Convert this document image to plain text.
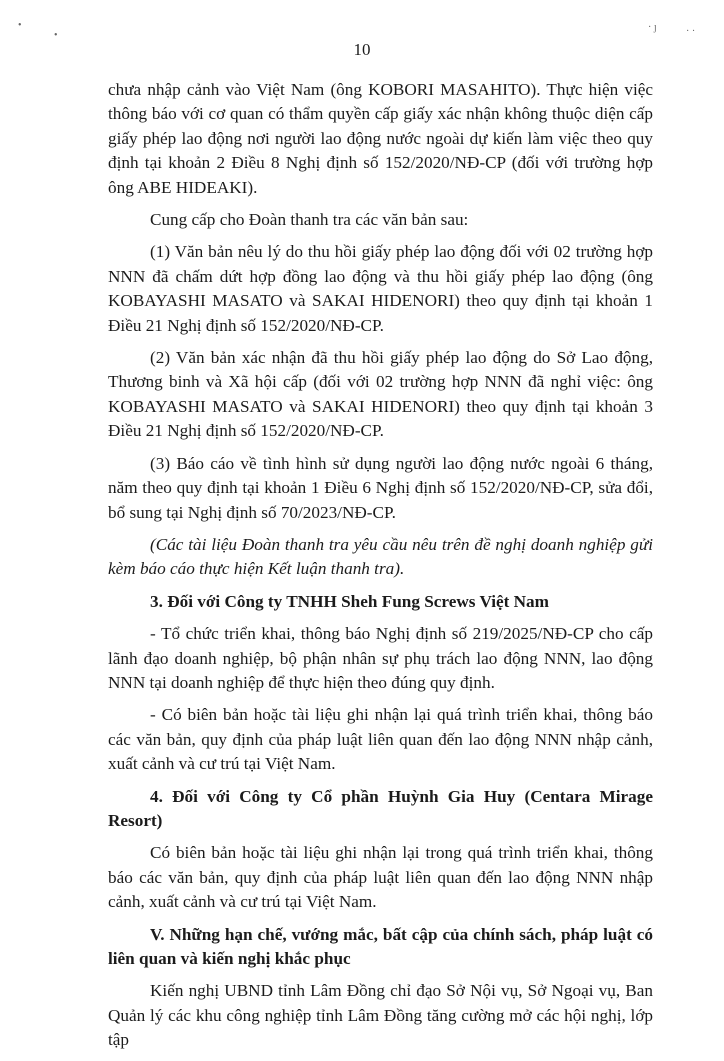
•
•
· ȷ	· ·
10

chưa nhập cảnh vào Việt Nam (ông KOBORI MASAHITO). Thực hiện việc thông báo với cơ quan có thẩm quyền cấp giấy xác nhận không thuộc diện cấp giấy phép lao động nơi người lao động nước ngoài dự kiến làm việc theo quy định tại khoản 2 Điều 8 Nghị định số 152/2020/NĐ-CP (đối với trường hợp ông ABE HIDEAKI).

Cung cấp cho Đoàn thanh tra các văn bản sau:

(1) Văn bản nêu lý do thu hồi giấy phép lao động đối với 02 trường hợp NNN đã chấm dứt hợp đồng lao động và thu hồi giấy phép lao động (ông KOBAYASHI MASATO và SAKAI HIDENORI) theo quy định tại khoản 1 Điều 21 Nghị định số 152/2020/NĐ-CP.

(2) Văn bản xác nhận đã thu hồi giấy phép lao động do Sở Lao động, Thương binh và Xã hội cấp (đối với 02 trường hợp NNN đã nghỉ việc: ông KOBAYASHI MASATO và SAKAI HIDENORI) theo quy định tại khoản 3 Điều 21 Nghị định số 152/2020/NĐ-CP.

(3) Báo cáo về tình hình sử dụng người lao động nước ngoài 6 tháng, năm theo quy định tại khoản 1 Điều 6 Nghị định số 152/2020/NĐ-CP, sửa đổi, bổ sung tại Nghị định số 70/2023/NĐ-CP.

(Các tài liệu Đoàn thanh tra yêu cầu nêu trên đề nghị doanh nghiệp gửi kèm báo cáo thực hiện Kết luận thanh tra).

3. Đối với Công ty TNHH Sheh Fung Screws Việt Nam

- Tổ chức triển khai, thông báo Nghị định số 219/2025/NĐ-CP cho cấp lãnh đạo doanh nghiệp, bộ phận nhân sự phụ trách lao động NNN, lao động NNN tại doanh nghiệp để thực hiện theo đúng quy định.

- Có biên bản hoặc tài liệu ghi nhận lại quá trình triển khai, thông báo các văn bản, quy định của pháp luật liên quan đến lao động NNN nhập cảnh, xuất cảnh và cư trú tại Việt Nam.

4. Đối với Công ty Cổ phần Huỳnh Gia Huy (Centara Mirage Resort)

Có biên bản hoặc tài liệu ghi nhận lại trong quá trình triển khai, thông báo các văn bản, quy định của pháp luật liên quan đến lao động NNN nhập cảnh, xuất cảnh và cư trú tại Việt Nam.

V. Những hạn chế, vướng mắc, bất cập của chính sách, pháp luật có liên quan và kiến nghị khắc phục

Kiến nghị UBND tỉnh Lâm Đồng chỉ đạo Sở Nội vụ, Sở Ngoại vụ, Ban Quản lý các khu công nghiệp tỉnh Lâm Đồng tăng cường mở các hội nghị, lớp tập
